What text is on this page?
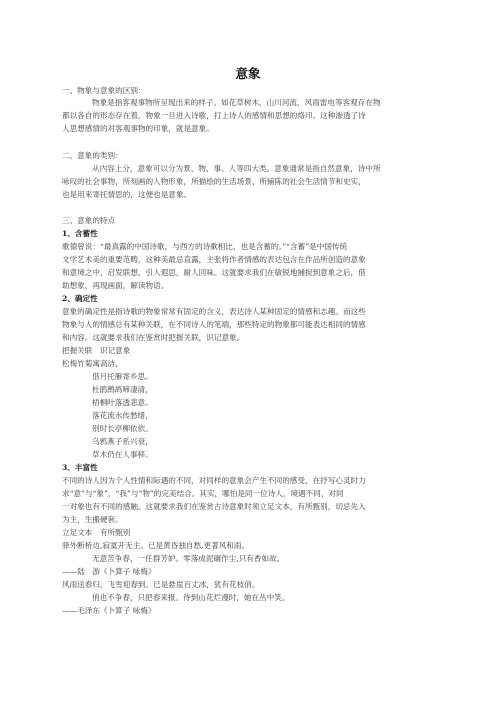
意象
一、物象与意象的区别：
物象是指客观事物所呈现出来的样子。如花草树木，山川河流、风雨雷电等客观存在物
都以各自的形态存在着。物象一旦进入诗歌，打上诗人的感情和思想的烙印。这种渗透了诗
人思想感情的对客观事物的印象，就是意象。
二、意象的类别：
从内容上分，意象可以分为景、物、事、人等四大类。意象通常是指自然意象，诗中所
咏叹的社会事物，所刻画的人物形象，所描绘的生活场景，所铺陈的社会生活情节和史实，
也是用来寄托情思的，这便也是意象。
三、意象的特点
1、含蓄性
歌德曾说：“最真露的中国诗歌，与西方的诗歌相比，也是含蓄的。”“含蓄”是中国传统
文学艺术美的重要范畴，这种美最忌直露，主张将作者情感的表达包含在作品所创造的意象
和意境之中，启发联想，引人遐思，耐人回味。这就要求我们在敏锐地捕捉到意象之后，借
助想象，再现画面，解读物语。
2、确定性
意象的确定性是指诗歌的物象常常有固定的含义，表达诗人某种固定的情感和志趣。而这些
物象与人的情感总有某种关联，在不同诗人的笔端，那些特定的物象都可能表达相同的情感
和内容。这就要求我们在鉴赏时把握关联，识记意象。
把握关联　识记意象
松梅竹菊寓高洁，
借月托雁寄乡思。
杜鹃鹧鸪啼凄清，
梧桐叶落透悲意。
落花流水传愁绪，
别时长亭柳依依。
乌鸦燕子系兴衰，
草木仍在人事移。
3、丰富性
不同的诗人因为个人性情和际遇的不同，对同样的意象会产生不同的感受，在抒写心灵时力
求“意”与“象”，“我”与“物”的完美结合。其实，哪怕是同一位诗人，境遇不同，对同
一对象也有不同的感触。这就要求我们在鉴赏古诗意象时须立足文本，有所甄别，切忌先入
为主，生搬硬套。
立足文本　有所甄别
驿外断桥边,寂寞开无主。已是黄昏独自愁,更著风和雨。
无意苦争春，一任群芳妒。零落成泥碾作尘,只有香如故。
——陆　游《卜算子 咏梅》
风雨送春归，飞雪迎春到。已是悬崖百丈冰，犹有花枝俏。
俏也不争春，只把春来报。待到山花烂漫时，她在丛中笑。
——毛泽东《卜算子 咏梅》
